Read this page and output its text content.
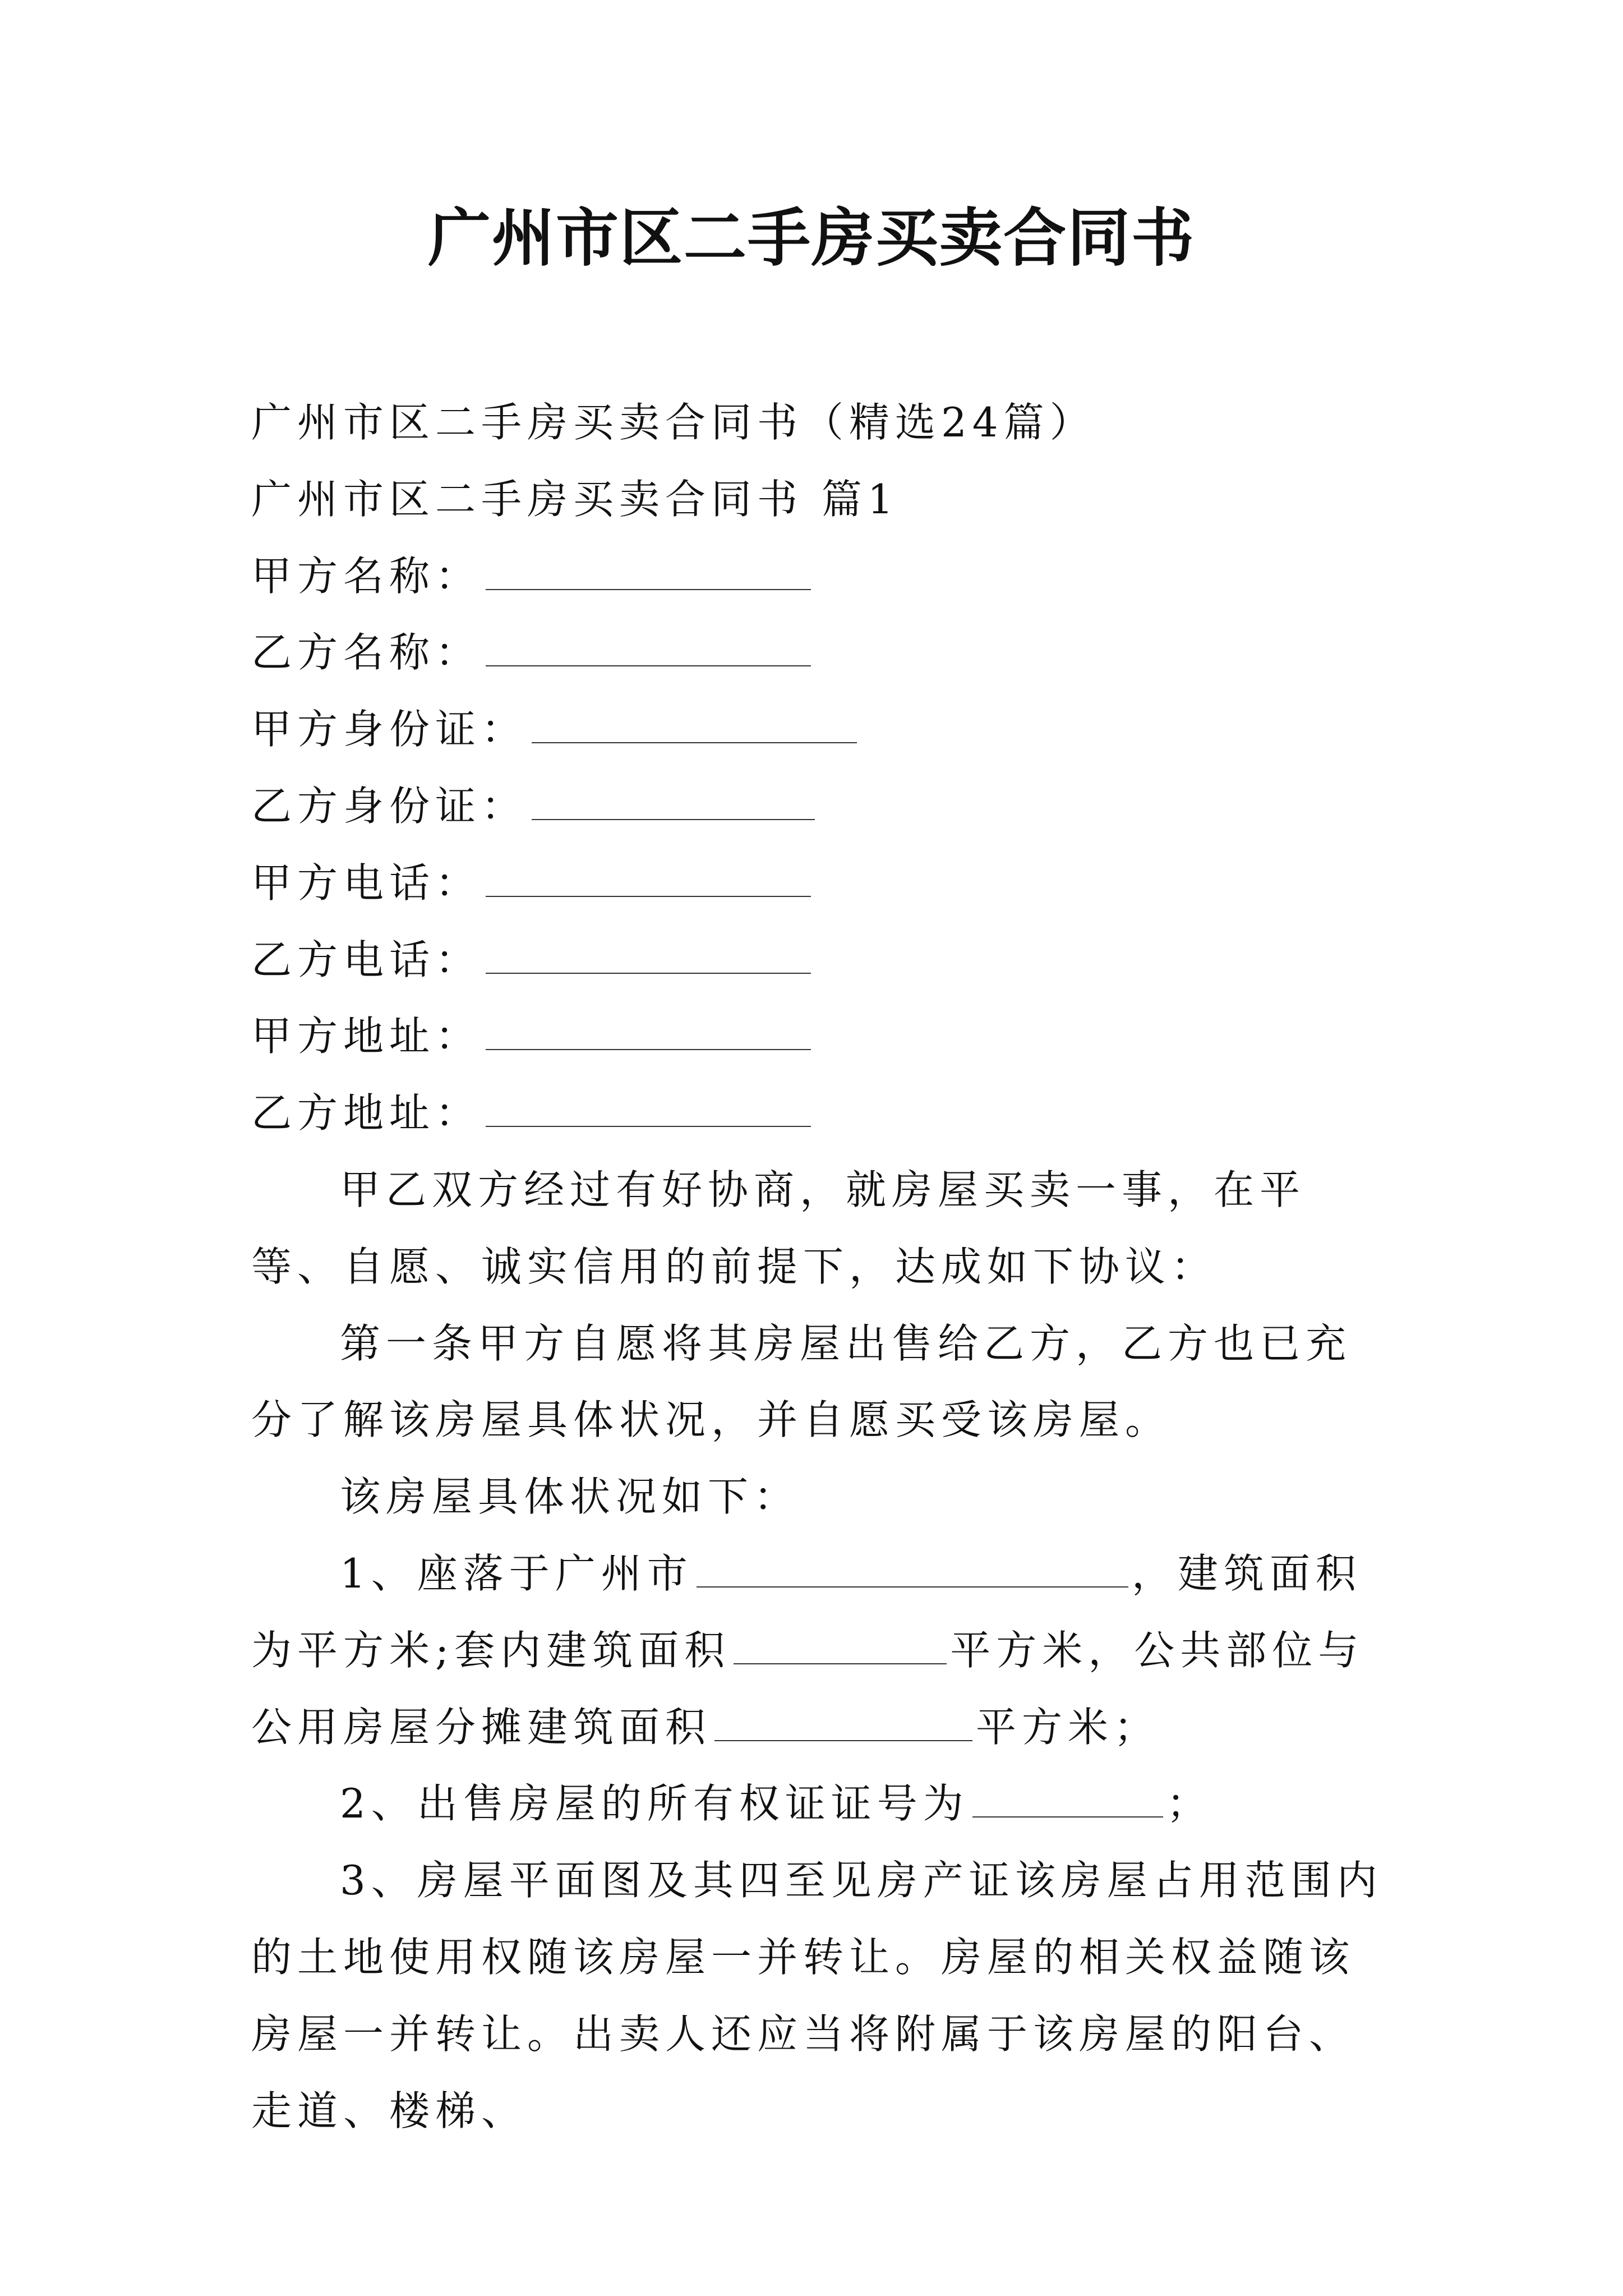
广州市区二手房买卖合同书

广州市区二手房买卖合同书（精选24篇）

广州市区二手房买卖合同书 篇1

甲方名称：

乙方名称：

甲方身份证：

乙方身份证：

甲方电话：

乙方电话：

甲方地址：

乙方地址：

甲乙双方经过有好协商，就房屋买卖一事，在平等、自愿、诚实信用的前提下，达成如下协议：

第一条甲方自愿将其房屋出售给乙方，乙方也已充分了解该房屋具体状况，并自愿买受该房屋。

该房屋具体状况如下：

1、座落于广州市	，建筑面积为平方米;套内建筑面积	平方米，公共部位与公用房屋分摊建筑面积	平方米；

2、出售房屋的所有权证证号为	；

3、房屋平面图及其四至见房产证该房屋占用范围内的土地使用权随该房屋一并转让。房屋的相关权益随该房屋一并转让。出卖人还应当将附属于该房屋的阳台、走道、楼梯、
